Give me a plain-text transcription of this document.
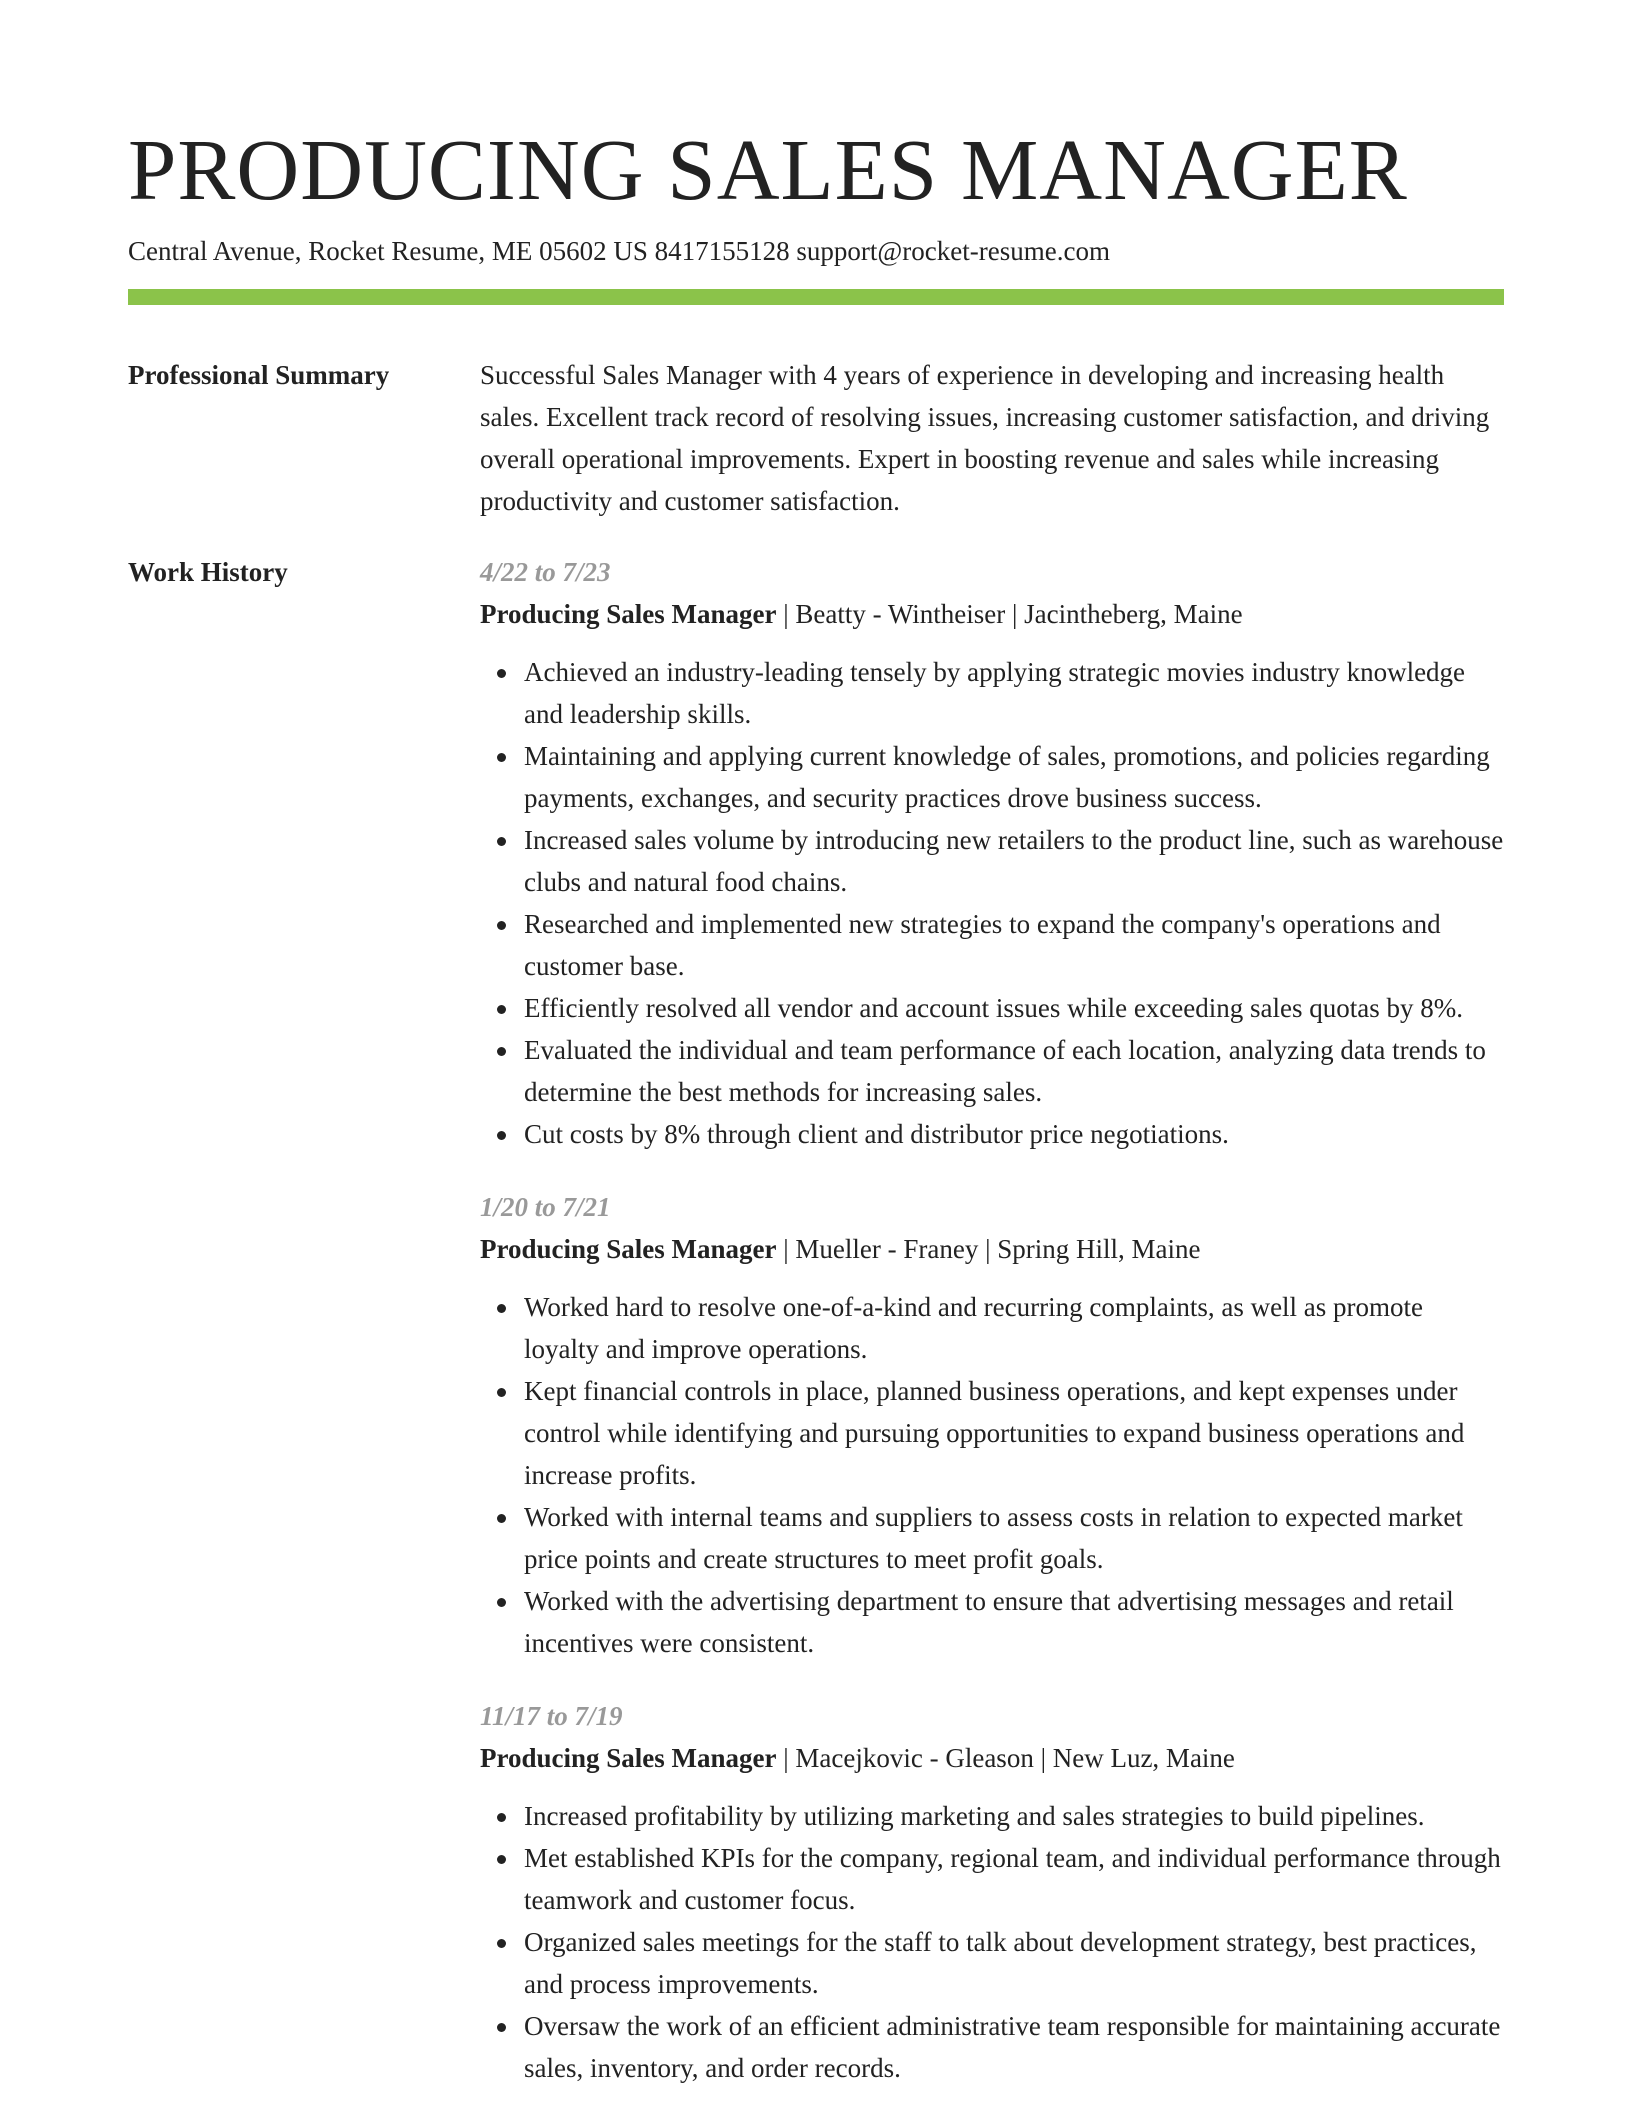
PRODUCING SALES MANAGER
Central Avenue, Rocket Resume, ME 05602 US 8417155128 support@rocket-resume.com
Professional Summary	Successful Sales Manager with 4 years of experience in developing and increasing health sales. Excellent track record of resolving issues, increasing customer satisfaction, and driving overall operational improvements. Expert in boosting revenue and sales while increasing productivity and customer satisfaction.

Work History	4/22 to 7/23
Producing Sales Manager | Beatty - Wintheiser | Jacintheberg, Maine
Achieved an industry-leading tensely by applying strategic movies industry knowledge and leadership skills.
Maintaining and applying current knowledge of sales, promotions, and policies regarding payments, exchanges, and security practices drove business success.
Increased sales volume by introducing new retailers to the product line, such as warehouse clubs and natural food chains.
Researched and implemented new strategies to expand the company's operations and customer base.
Efficiently resolved all vendor and account issues while exceeding sales quotas by 8%.
Evaluated the individual and team performance of each location, analyzing data trends to determine the best methods for increasing sales.
Cut costs by 8% through client and distributor price negotiations.
1/20 to 7/21
Producing Sales Manager | Mueller - Franey | Spring Hill, Maine
Worked hard to resolve one-of-a-kind and recurring complaints, as well as promote loyalty and improve operations.
Kept financial controls in place, planned business operations, and kept expenses under control while identifying and pursuing opportunities to expand business operations and increase profits.
Worked with internal teams and suppliers to assess costs in relation to expected market price points and create structures to meet profit goals.
Worked with the advertising department to ensure that advertising messages and retail incentives were consistent.
11/17 to 7/19
Producing Sales Manager | Macejkovic - Gleason | New Luz, Maine
Increased profitability by utilizing marketing and sales strategies to build pipelines.
Met established KPIs for the company, regional team, and individual performance through teamwork and customer focus.
Organized sales meetings for the staff to talk about development strategy, best practices, and process improvements.
Oversaw the work of an efficient administrative team responsible for maintaining accurate sales, inventory, and order records.
